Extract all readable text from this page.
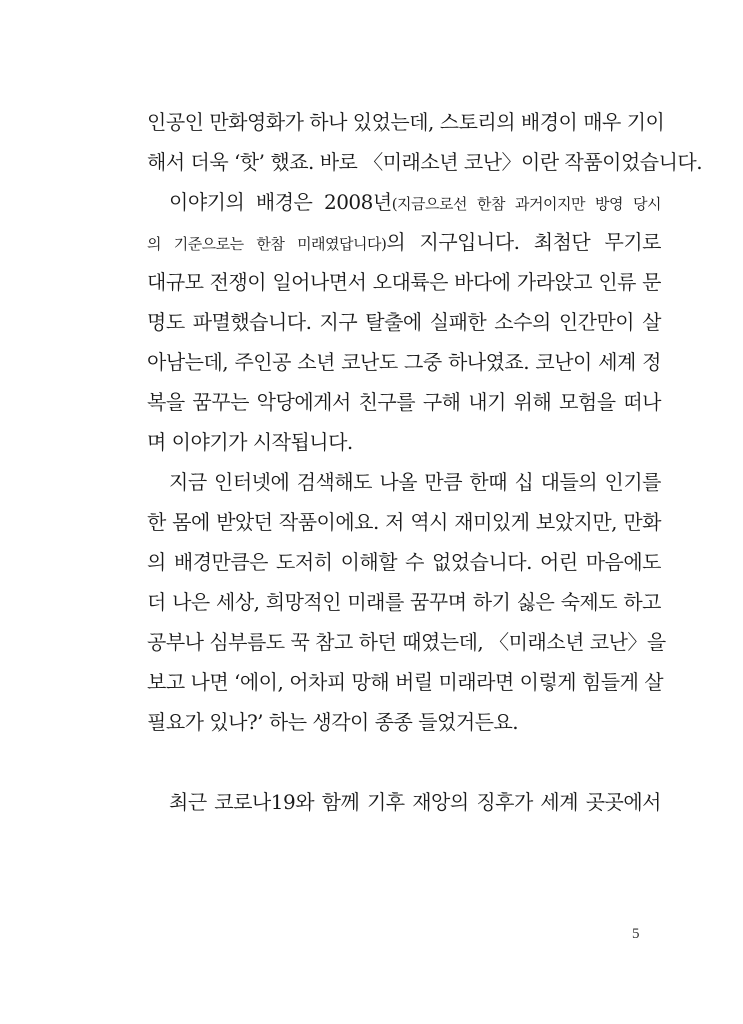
인공인 만화영화가 하나 있었는데, 스토리의 배경이 매우 기이
해서 더욱 ‘핫’ 했죠. 바로 〈미래소년 코난〉이란 작품이었습니다.
이야기의 배경은 2008년(지금으로선 한참 과거이지만 방영 당시
의 기준으로는 한참 미래였답니다)의 지구입니다. 최첨단 무기로
대규모 전쟁이 일어나면서 오대륙은 바다에 가라앉고 인류 문
명도 파멸했습니다. 지구 탈출에 실패한 소수의 인간만이 살
아남는데, 주인공 소년 코난도 그중 하나였죠. 코난이 세계 정
복을 꿈꾸는 악당에게서 친구를 구해 내기 위해 모험을 떠나
며 이야기가 시작됩니다.
지금 인터넷에 검색해도 나올 만큼 한때 십 대들의 인기를
한 몸에 받았던 작품이에요. 저 역시 재미있게 보았지만, 만화
의 배경만큼은 도저히 이해할 수 없었습니다. 어린 마음에도
더 나은 세상, 희망적인 미래를 꿈꾸며 하기 싫은 숙제도 하고
공부나 심부름도 꾹 참고 하던 때였는데, 〈미래소년 코난〉을
보고 나면 ‘에이, 어차피 망해 버릴 미래라면 이렇게 힘들게 살
필요가 있나?’ 하는 생각이 종종 들었거든요.
최근 코로나19와 함께 기후 재앙의 징후가 세계 곳곳에서
5
